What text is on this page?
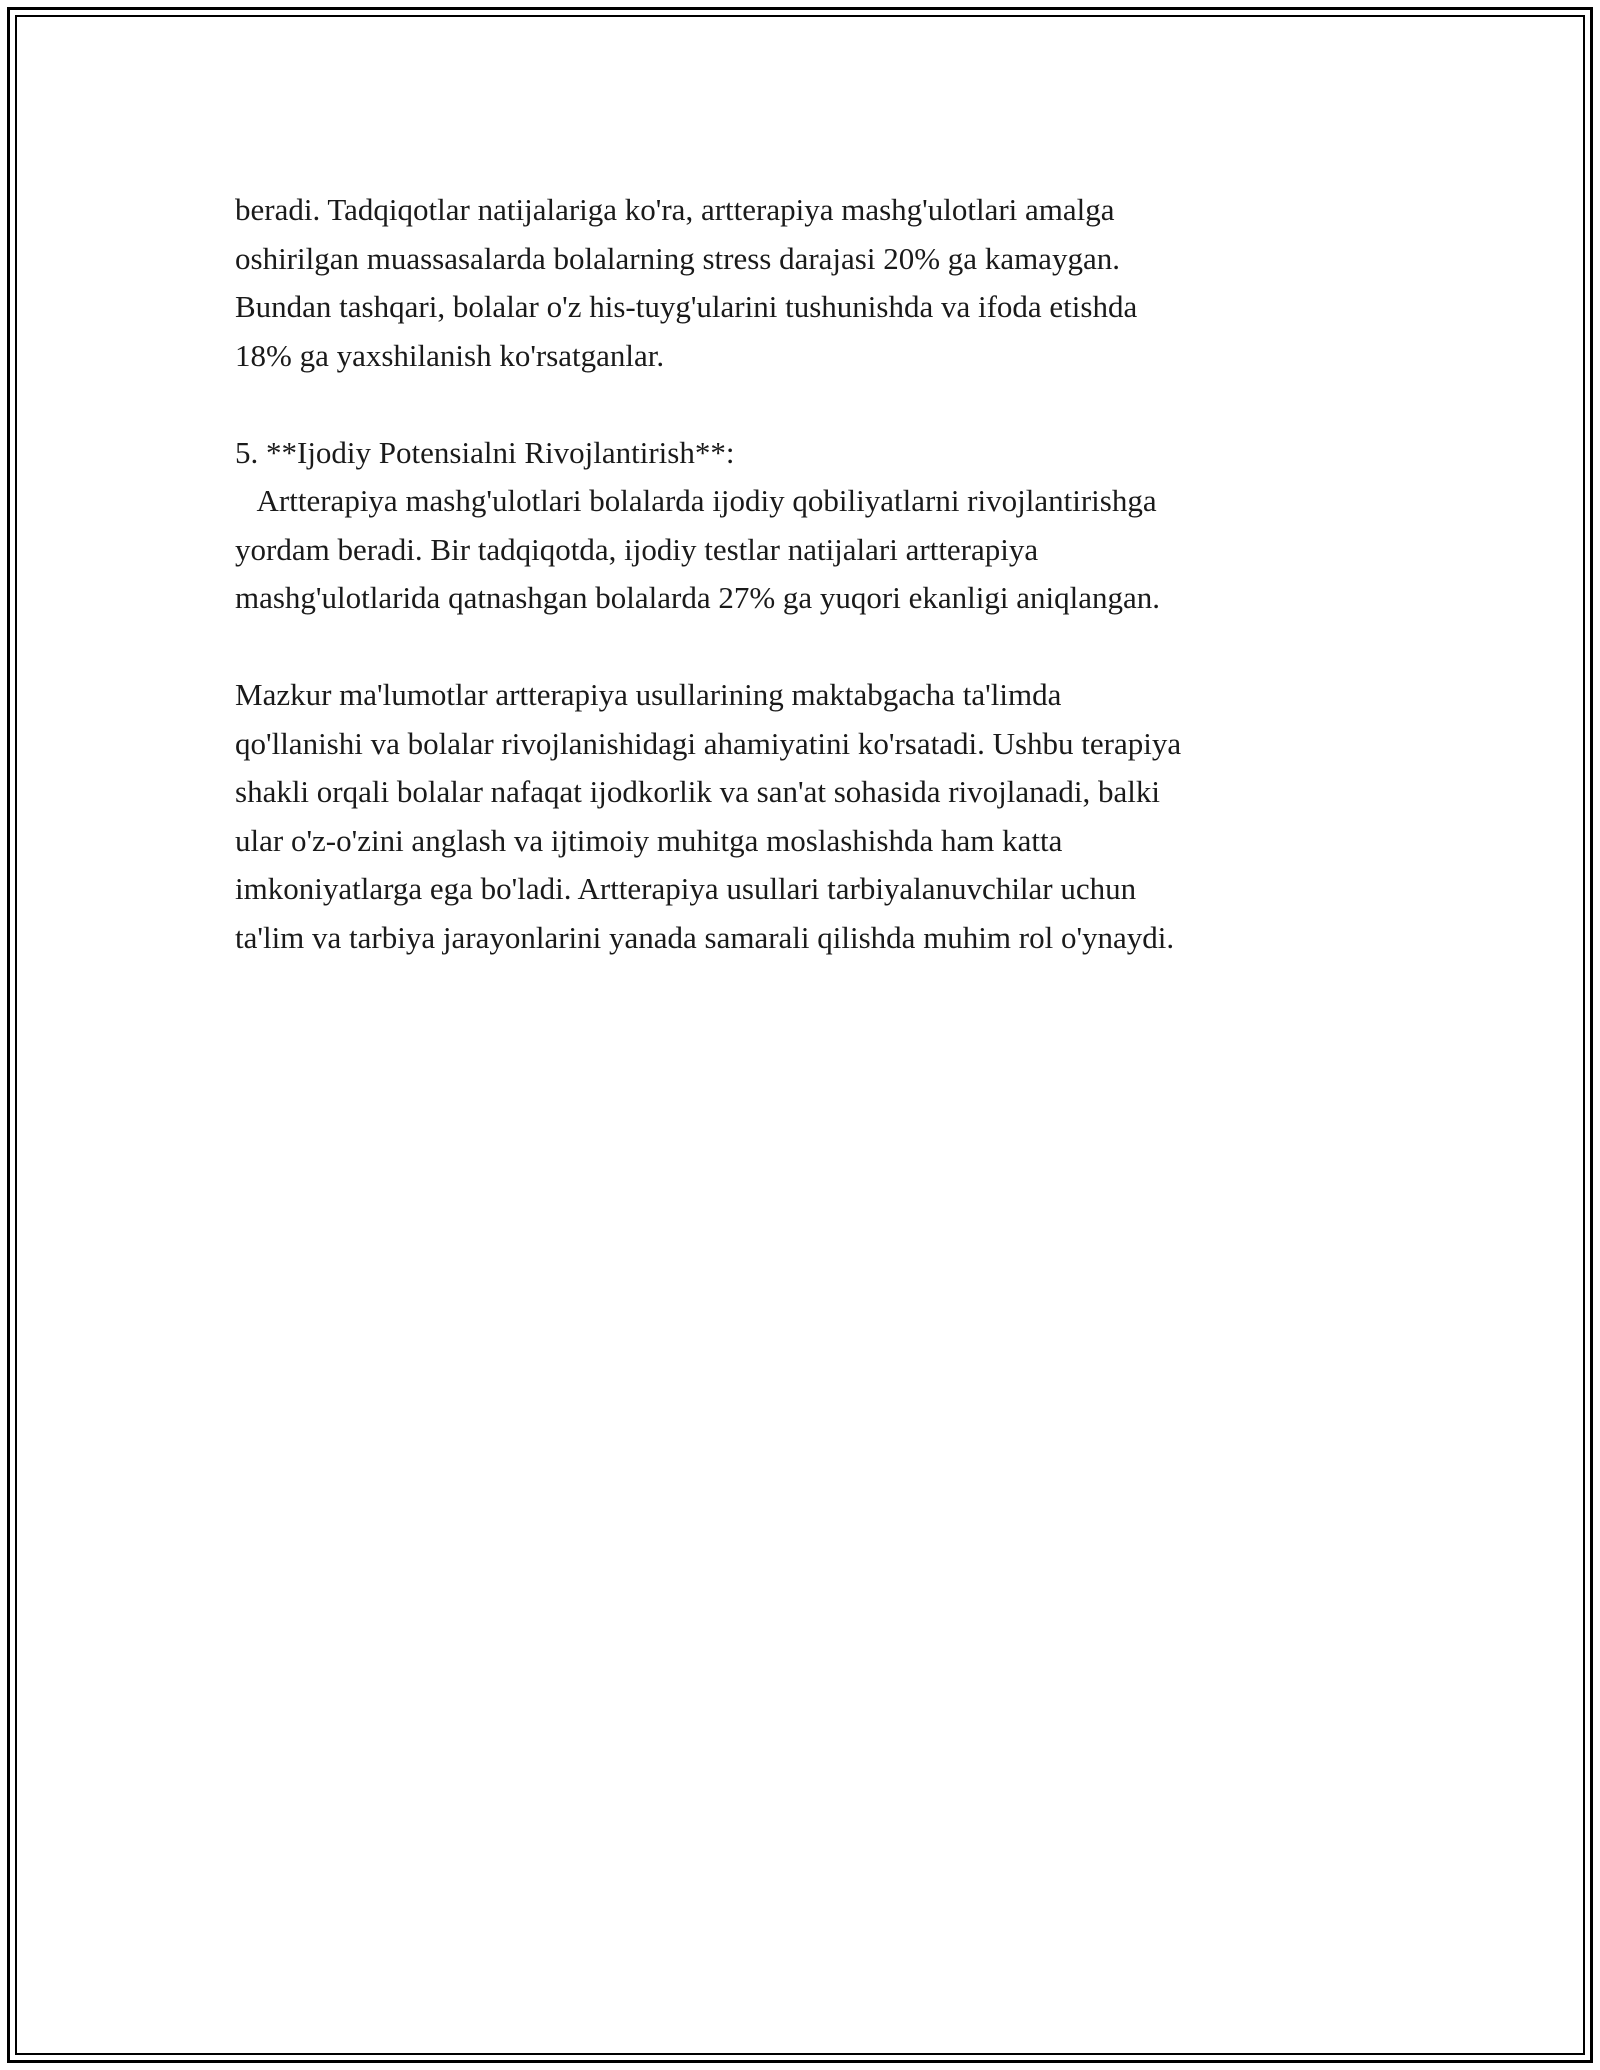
beradi. Tadqiqotlar natijalariga ko'ra, artterapiya mashg'ulotlari amalga
oshirilgan muassasalarda bolalarning stress darajasi 20% ga kamaygan.
Bundan tashqari, bolalar o'z his-tuyg'ularini tushunishda va ifoda etishda
18% ga yaxshilanish ko'rsatganlar.
5. **Ijodiy Potensialni Rivojlantirish**:
Artterapiya mashg'ulotlari bolalarda ijodiy qobiliyatlarni rivojlantirishga
yordam beradi. Bir tadqiqotda, ijodiy testlar natijalari artterapiya
mashg'ulotlarida qatnashgan bolalarda 27% ga yuqori ekanligi aniqlangan.
Mazkur ma'lumotlar artterapiya usullarining maktabgacha ta'limda
qo'llanishi va bolalar rivojlanishidagi ahamiyatini ko'rsatadi. Ushbu terapiya
shakli orqali bolalar nafaqat ijodkorlik va san'at sohasida rivojlanadi, balki
ular o'z-o'zini anglash va ijtimoiy muhitga moslashishda ham katta
imkoniyatlarga ega bo'ladi. Artterapiya usullari tarbiyalanuvchilar uchun
ta'lim va tarbiya jarayonlarini yanada samarali qilishda muhim rol o'ynaydi.
